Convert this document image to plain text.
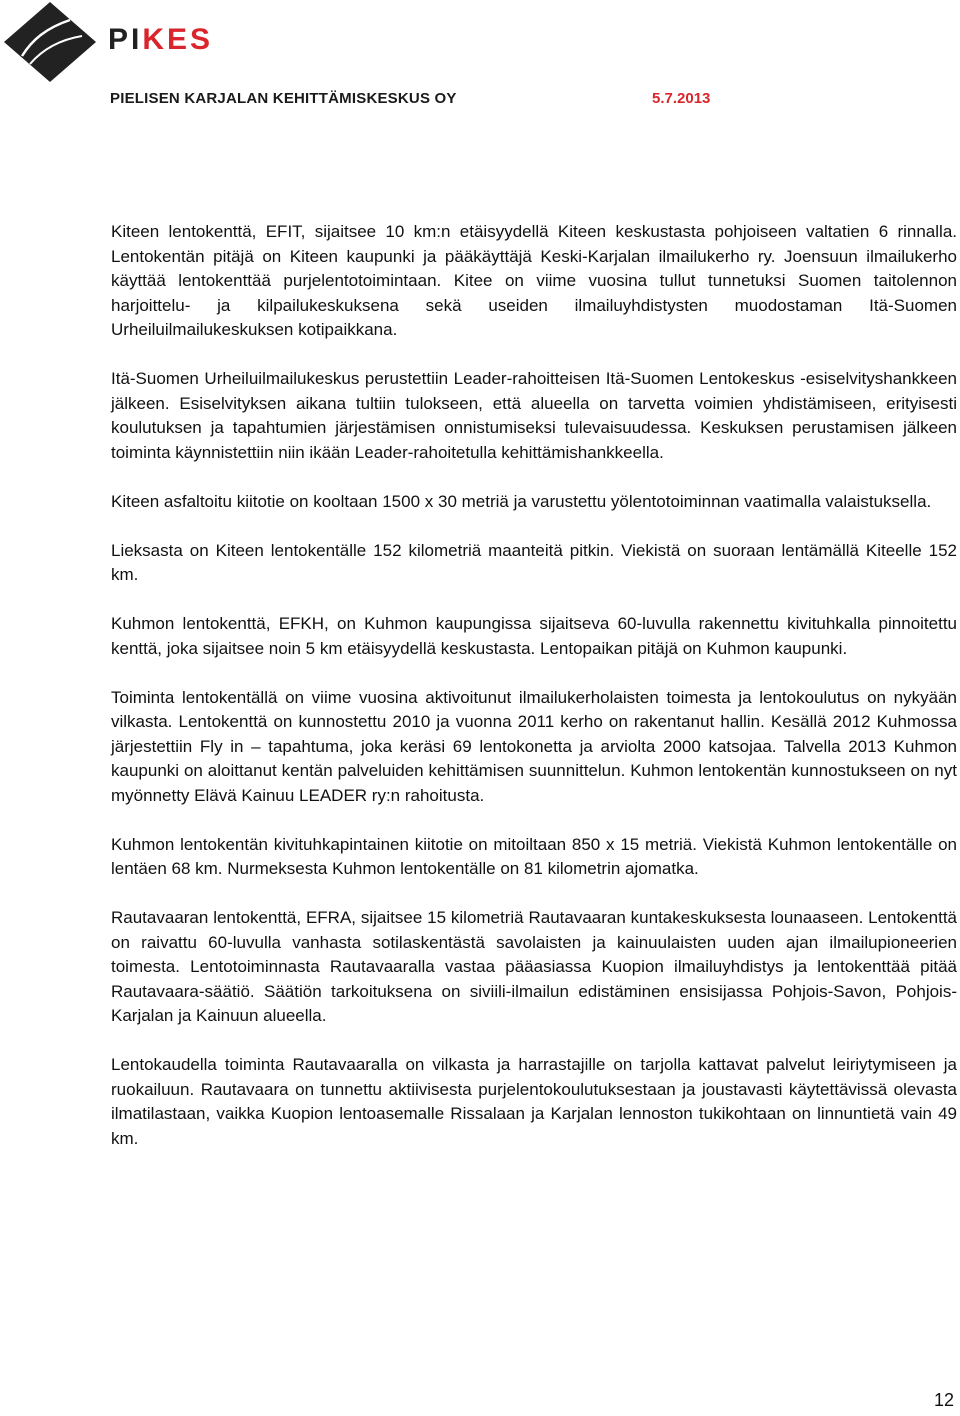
PIKES
PIELISEN KARJALAN KEHITTÄMISKESKUS OY	5.7.2013

Kiteen lentokenttä, EFIT, sijaitsee 10 km:n etäisyydellä Kiteen keskustasta pohjoiseen valtatien 6 rinnalla. Lentokentän pitäjä on Kiteen kaupunki ja pääkäyttäjä Keski-Karjalan ilmailukerho ry. Joensuun ilmailukerho käyttää lentokenttää purjelentotoimintaan. Kitee on viime vuosina tullut tunnetuksi Suomen taitolennon harjoittelu- ja kilpailukeskuksena sekä useiden ilmailuyhdistysten muodostaman Itä-Suomen Urheiluilmailukeskuksen kotipaikkana.

Itä-Suomen Urheiluilmailukeskus perustettiin Leader-rahoitteisen Itä-Suomen Lentokeskus -esiselvityshankkeen jälkeen. Esiselvityksen aikana tultiin tulokseen, että alueella on tarvetta voimien yhdistämiseen, erityisesti koulutuksen ja tapahtumien järjestämisen onnistumiseksi tulevaisuudessa. Keskuksen perustamisen jälkeen toiminta käynnistettiin niin ikään Leader-rahoitetulla kehittämishankkeella.

Kiteen asfaltoitu kiitotie on kooltaan 1500 x 30 metriä ja varustettu yölentotoiminnan vaatimalla valaistuksella.

Lieksasta on Kiteen lentokentälle 152 kilometriä maanteitä pitkin. Viekistä on suoraan lentämällä Kiteelle 152 km.

Kuhmon lentokenttä, EFKH, on Kuhmon kaupungissa sijaitseva 60-luvulla rakennettu kivituhkalla pinnoitettu kenttä, joka sijaitsee noin 5 km etäisyydellä keskustasta. Lentopaikan pitäjä on Kuhmon kaupunki.

Toiminta lentokentällä on viime vuosina aktivoitunut ilmailukerholaisten toimesta ja lentokoulutus on nykyään vilkasta. Lentokenttä on kunnostettu 2010 ja vuonna 2011 kerho on rakentanut hallin. Kesällä 2012 Kuhmossa järjestettiin Fly in – tapahtuma, joka keräsi 69 lentokonetta ja arviolta 2000 katsojaa. Talvella 2013 Kuhmon kaupunki on aloittanut kentän palveluiden kehittämisen suunnittelun. Kuhmon lentokentän kunnostukseen on nyt myönnetty Elävä Kainuu LEADER ry:n rahoitusta.

Kuhmon lentokentän kivituhkapintainen kiitotie on mitoiltaan 850 x 15 metriä. Viekistä Kuhmon lentokentälle on lentäen 68 km. Nurmeksesta Kuhmon lentokentälle on 81 kilometrin ajomatka.

Rautavaaran lentokenttä, EFRA, sijaitsee 15 kilometriä Rautavaaran kuntakeskuksesta lounaaseen. Lentokenttä on raivattu 60-luvulla vanhasta sotilaskentästä savolaisten ja kainuulaisten uuden ajan ilmailupioneerien toimesta. Lentotoiminnasta Rautavaaralla vastaa pääasiassa Kuopion ilmailuyhdistys ja lentokenttää pitää Rautavaara-säätiö. Säätiön tarkoituksena on siviili-ilmailun edistäminen ensisijassa Pohjois-Savon, Pohjois-Karjalan ja Kainuun alueella.

Lentokaudella toiminta Rautavaaralla on vilkasta ja harrastajille on tarjolla kattavat palvelut leiriytymiseen ja ruokailuun. Rautavaara on tunnettu aktiivisesta purjelentokoulutuksestaan ja joustavasti käytettävissä olevasta ilmatilastaan, vaikka Kuopion lentoasemalle Rissalaan ja Karjalan lennoston tukikohtaan on linnuntietä vain 49 km.

12
